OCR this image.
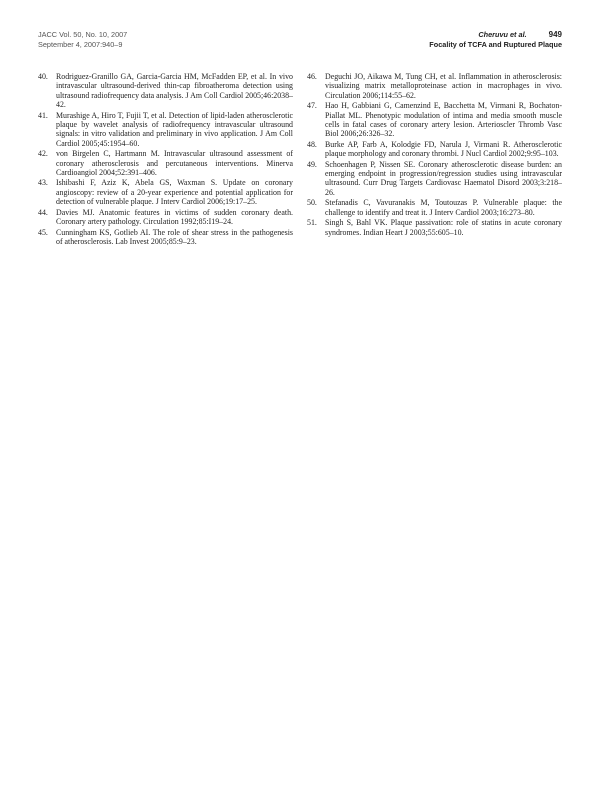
JACC Vol. 50, No. 10, 2007
September 4, 2007:940–9
Cheruvu et al.	949
Focality of TCFA and Ruptured Plaque
40.	Rodriguez-Granillo GA, Garcia-Garcia HM, McFadden EP, et al. In vivo intravascular ultrasound-derived thin-cap fibroatheroma detection using ultrasound radiofrequency data analysis. J Am Coll Cardiol 2005;46:2038–42.
41.	Murashige A, Hiro T, Fujii T, et al. Detection of lipid-laden atherosclerotic plaque by wavelet analysis of radiofrequency intravascular ultrasound signals: in vitro validation and preliminary in vivo application. J Am Coll Cardiol 2005;45:1954–60.
42.	von Birgelen C, Hartmann M. Intravascular ultrasound assessment of coronary atherosclerosis and percutaneous interventions. Minerva Cardioangiol 2004;52:391–406.
43.	Ishibashi F, Aziz K, Abela GS, Waxman S. Update on coronary angioscopy: review of a 20-year experience and potential application for detection of vulnerable plaque. J Interv Cardiol 2006;19:17–25.
44.	Davies MJ. Anatomic features in victims of sudden coronary death. Coronary artery pathology. Circulation 1992;85:I19–24.
45.	Cunningham KS, Gotlieb AI. The role of shear stress in the pathogenesis of atherosclerosis. Lab Invest 2005;85:9–23.
46.	Deguchi JO, Aikawa M, Tung CH, et al. Inflammation in atherosclerosis: visualizing matrix metalloproteinase action in macrophages in vivo. Circulation 2006;114:55–62.
47.	Hao H, Gabbiani G, Camenzind E, Bacchetta M, Virmani R, Bochaton-Piallat ML. Phenotypic modulation of intima and media smooth muscle cells in fatal cases of coronary artery lesion. Arterioscler Thromb Vasc Biol 2006;26:326–32.
48.	Burke AP, Farb A, Kolodgie FD, Narula J, Virmani R. Atherosclerotic plaque morphology and coronary thrombi. J Nucl Cardiol 2002;9:95–103.
49.	Schoenhagen P, Nissen SE. Coronary atherosclerotic disease burden: an emerging endpoint in progression/regression studies using intravascular ultrasound. Curr Drug Targets Cardiovasc Haematol Disord 2003;3:218–26.
50.	Stefanadis C, Vavuranakis M, Toutouzas P. Vulnerable plaque: the challenge to identify and treat it. J Interv Cardiol 2003;16:273–80.
51.	Singh S, Bahl VK. Plaque passivation: role of statins in acute coronary syndromes. Indian Heart J 2003;55:605–10.
